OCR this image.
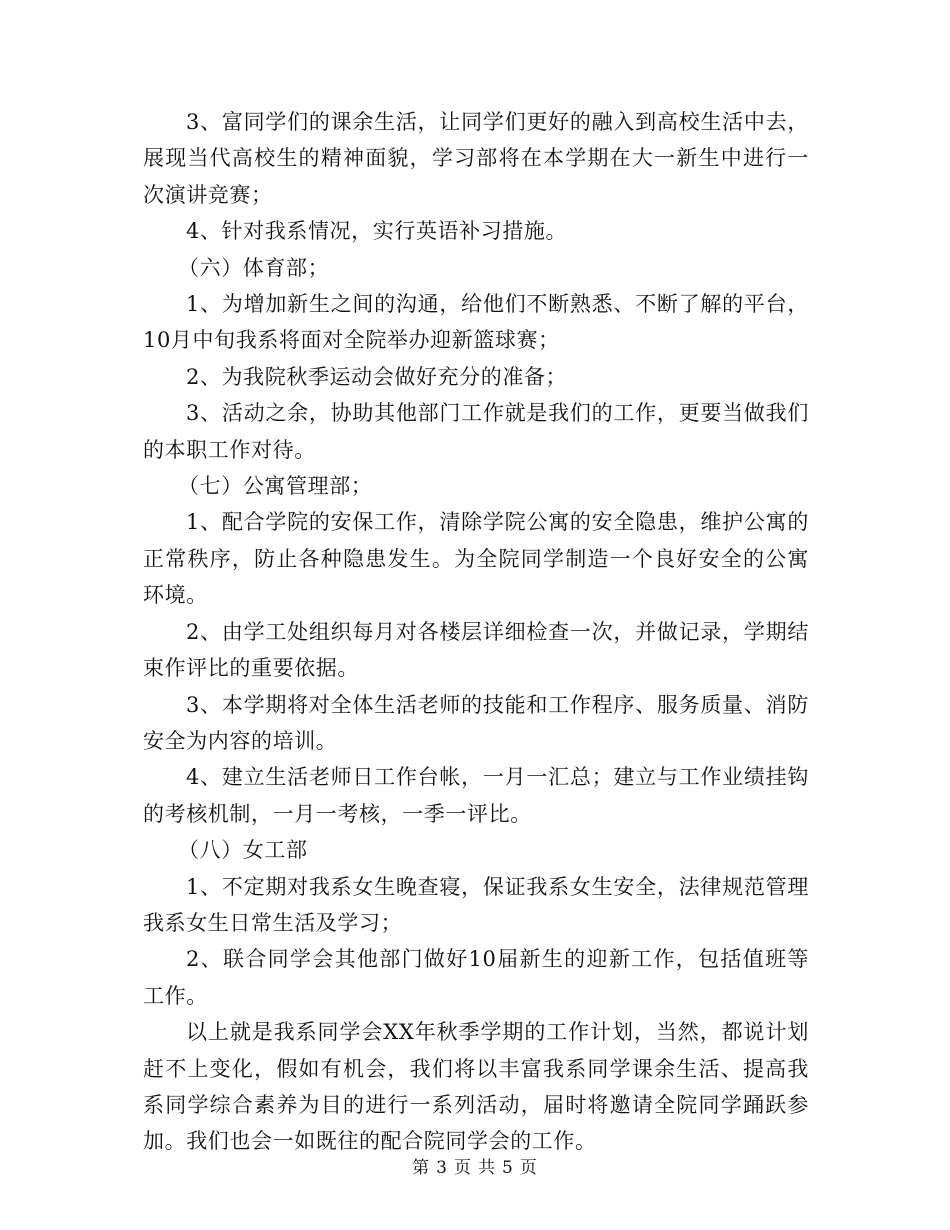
3、富同学们的课余生活，让同学们更好的融入到高校生活中去，展现当代高校生的精神面貌，学习部将在本学期在大一新生中进行一次演讲竞赛；

4、针对我系情况，实行英语补习措施。

（六）体育部；

1、为增加新生之间的沟通，给他们不断熟悉、不断了解的平台，10月中旬我系将面对全院举办迎新篮球赛；

2、为我院秋季运动会做好充分的准备；

3、活动之余，协助其他部门工作就是我们的工作，更要当做我们的本职工作对待。

（七）公寓管理部；

1、配合学院的安保工作，清除学院公寓的安全隐患，维护公寓的正常秩序，防止各种隐患发生。为全院同学制造一个良好安全的公寓环境。

2、由学工处组织每月对各楼层详细检查一次，并做记录，学期结束作评比的重要依据。

3、本学期将对全体生活老师的技能和工作程序、服务质量、消防安全为内容的培训。

4、建立生活老师日工作台帐，一月一汇总；建立与工作业绩挂钩的考核机制，一月一考核，一季一评比。

（八）女工部

1、不定期对我系女生晚查寝，保证我系女生安全，法律规范管理我系女生日常生活及学习；

2、联合同学会其他部门做好10届新生的迎新工作，包括值班等工作。

以上就是我系同学会XX年秋季学期的工作计划，当然，都说计划赶不上变化，假如有机会，我们将以丰富我系同学课余生活、提高我系同学综合素养为目的进行一系列活动，届时将邀请全院同学踊跃参加。我们也会一如既往的配合院同学会的工作。

第 3 页 共 5 页
